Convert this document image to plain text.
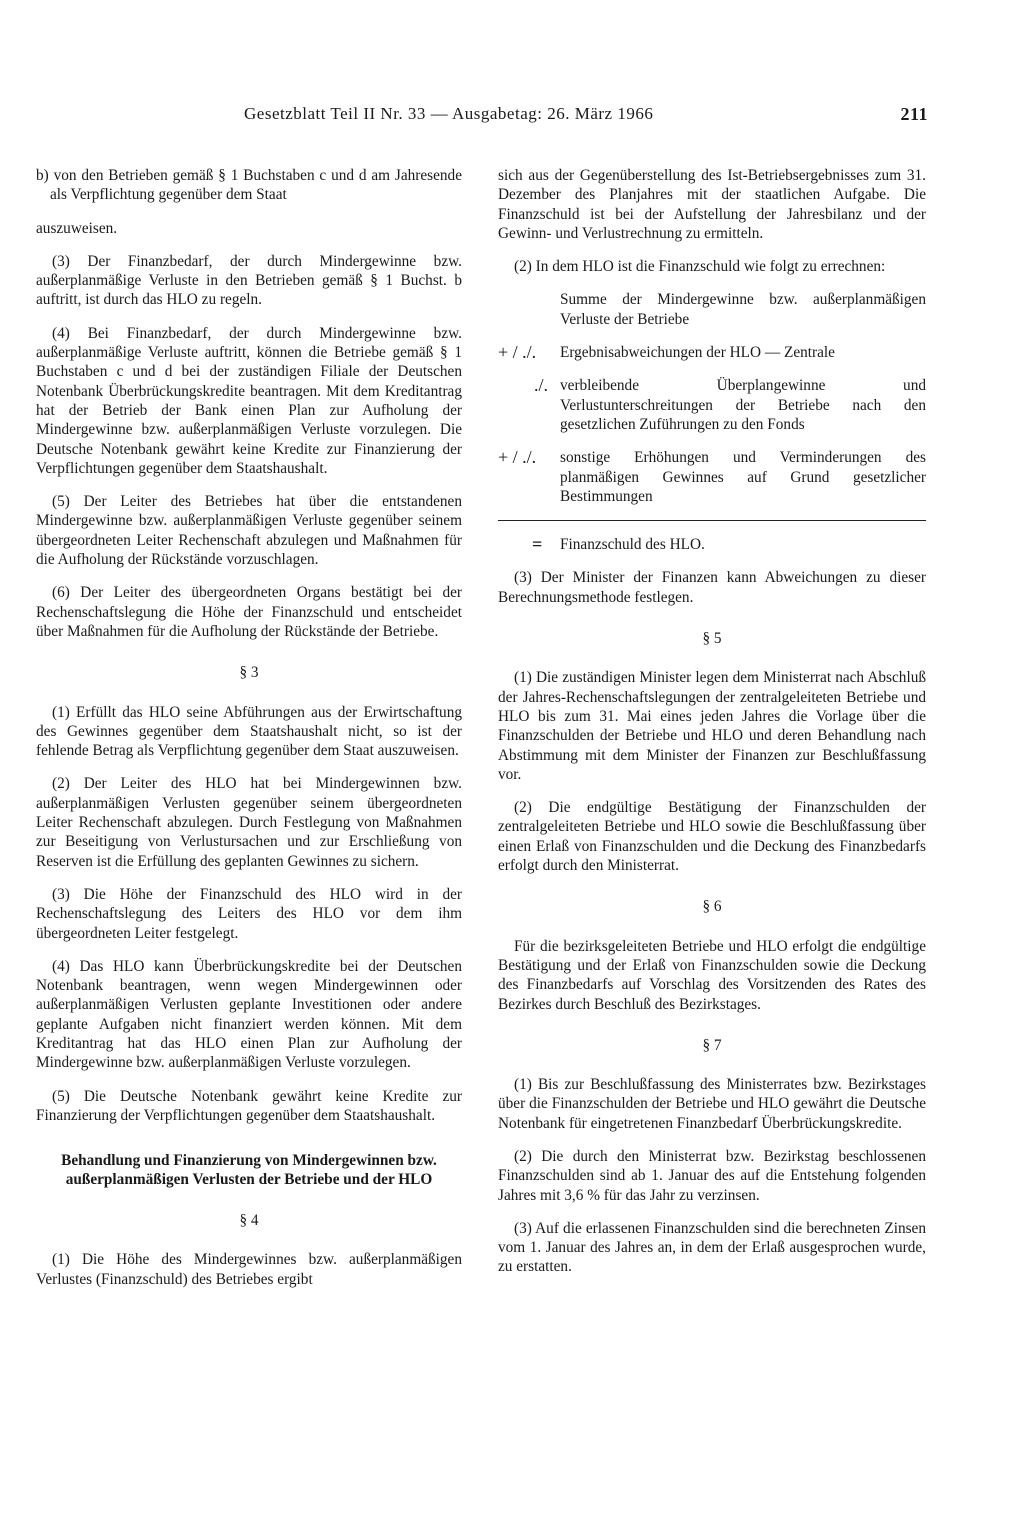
Gesetzblatt Teil II Nr. 33 — Ausgabetag: 26. März 1966	211

b) von den Betrieben gemäß § 1 Buchstaben c und d am Jahresende als Verpflichtung gegenüber dem Staat

auszuweisen.

(3) Der Finanzbedarf, der durch Mindergewinne bzw. außerplanmäßige Verluste in den Betrieben gemäß § 1 Buchst. b auftritt, ist durch das HLO zu regeln.

(4) Bei Finanzbedarf, der durch Mindergewinne bzw. außerplanmäßige Verluste auftritt, können die Betriebe gemäß § 1 Buchstaben c und d bei der zuständigen Filiale der Deutschen Notenbank Überbrückungskredite beantragen. Mit dem Kreditantrag hat der Betrieb der Bank einen Plan zur Aufholung der Mindergewinne bzw. außerplanmäßigen Verluste vorzulegen. Die Deutsche Notenbank gewährt keine Kredite zur Finanzierung der Verpflichtungen gegenüber dem Staatshaushalt.

(5) Der Leiter des Betriebes hat über die entstandenen Mindergewinne bzw. außerplanmäßigen Verluste gegenüber seinem übergeordneten Leiter Rechenschaft abzulegen und Maßnahmen für die Aufholung der Rückstände vorzuschlagen.

(6) Der Leiter des übergeordneten Organs bestätigt bei der Rechenschaftslegung die Höhe der Finanzschuld und entscheidet über Maßnahmen für die Aufholung der Rückstände der Betriebe.

§ 3

(1) Erfüllt das HLO seine Abführungen aus der Erwirtschaftung des Gewinnes gegenüber dem Staatshaushalt nicht, so ist der fehlende Betrag als Verpflichtung gegenüber dem Staat auszuweisen.

(2) Der Leiter des HLO hat bei Mindergewinnen bzw. außerplanmäßigen Verlusten gegenüber seinem übergeordneten Leiter Rechenschaft abzulegen. Durch Festlegung von Maßnahmen zur Beseitigung von Verlustursachen und zur Erschließung von Reserven ist die Erfüllung des geplanten Gewinnes zu sichern.

(3) Die Höhe der Finanzschuld des HLO wird in der Rechenschaftslegung des Leiters des HLO vor dem ihm übergeordneten Leiter festgelegt.

(4) Das HLO kann Überbrückungskredite bei der Deutschen Notenbank beantragen, wenn wegen Mindergewinnen oder außerplanmäßigen Verlusten geplante Investitionen oder andere geplante Aufgaben nicht finanziert werden können. Mit dem Kreditantrag hat das HLO einen Plan zur Aufholung der Mindergewinne bzw. außerplanmäßigen Verluste vorzulegen.

(5) Die Deutsche Notenbank gewährt keine Kredite zur Finanzierung der Verpflichtungen gegenüber dem Staatshaushalt.

Behandlung und Finanzierung von Mindergewinnen bzw. außerplanmäßigen Verlusten der Betriebe und der HLO
§ 4

(1) Die Höhe des Mindergewinnes bzw. außerplanmäßigen Verlustes (Finanzschuld) des Betriebes ergibt

sich aus der Gegenüberstellung des Ist-Betriebsergebnisses zum 31. Dezember des Planjahres mit der staatlichen Aufgabe. Die Finanzschuld ist bei der Aufstellung der Jahresbilanz und der Gewinn- und Verlustrechnung zu ermitteln.

(2) In dem HLO ist die Finanzschuld wie folgt zu errechnen:

Summe der Mindergewinne bzw. außerplanmäßigen Verluste der Betriebe
+ / ./.	Ergebnisabweichungen der HLO — Zentrale
./. verbleibende Überplangewinne und Verlustunterschreitungen der Betriebe nach den gesetzlichen Zuführungen zu den Fonds
+ / ./.	sonstige Erhöhungen und Verminderungen des planmäßigen Gewinnes auf Grund gesetzlicher Bestimmungen
=	Finanzschuld des HLO.

(3) Der Minister der Finanzen kann Abweichungen zu dieser Berechnungsmethode festlegen.

§ 5

(1) Die zuständigen Minister legen dem Ministerrat nach Abschluß der Jahres-Rechenschaftslegungen der zentralgeleiteten Betriebe und HLO bis zum 31. Mai eines jeden Jahres die Vorlage über die Finanzschulden der Betriebe und HLO und deren Behandlung nach Abstimmung mit dem Minister der Finanzen zur Beschlußfassung vor.

(2) Die endgültige Bestätigung der Finanzschulden der zentralgeleiteten Betriebe und HLO sowie die Beschlußfassung über einen Erlaß von Finanzschulden und die Deckung des Finanzbedarfs erfolgt durch den Ministerrat.

§ 6

Für die bezirksgeleiteten Betriebe und HLO erfolgt die endgültige Bestätigung und der Erlaß von Finanzschulden sowie die Deckung des Finanzbedarfs auf Vorschlag des Vorsitzenden des Rates des Bezirkes durch Beschluß des Bezirkstages.

§ 7

(1) Bis zur Beschlußfassung des Ministerrates bzw. Bezirkstages über die Finanzschulden der Betriebe und HLO gewährt die Deutsche Notenbank für eingetretenen Finanzbedarf Überbrückungskredite.

(2) Die durch den Ministerrat bzw. Bezirkstag beschlossenen Finanzschulden sind ab 1. Januar des auf die Entstehung folgenden Jahres mit 3,6 % für das Jahr zu verzinsen.

(3) Auf die erlassenen Finanzschulden sind die berechneten Zinsen vom 1. Januar des Jahres an, in dem der Erlaß ausgesprochen wurde, zu erstatten.
